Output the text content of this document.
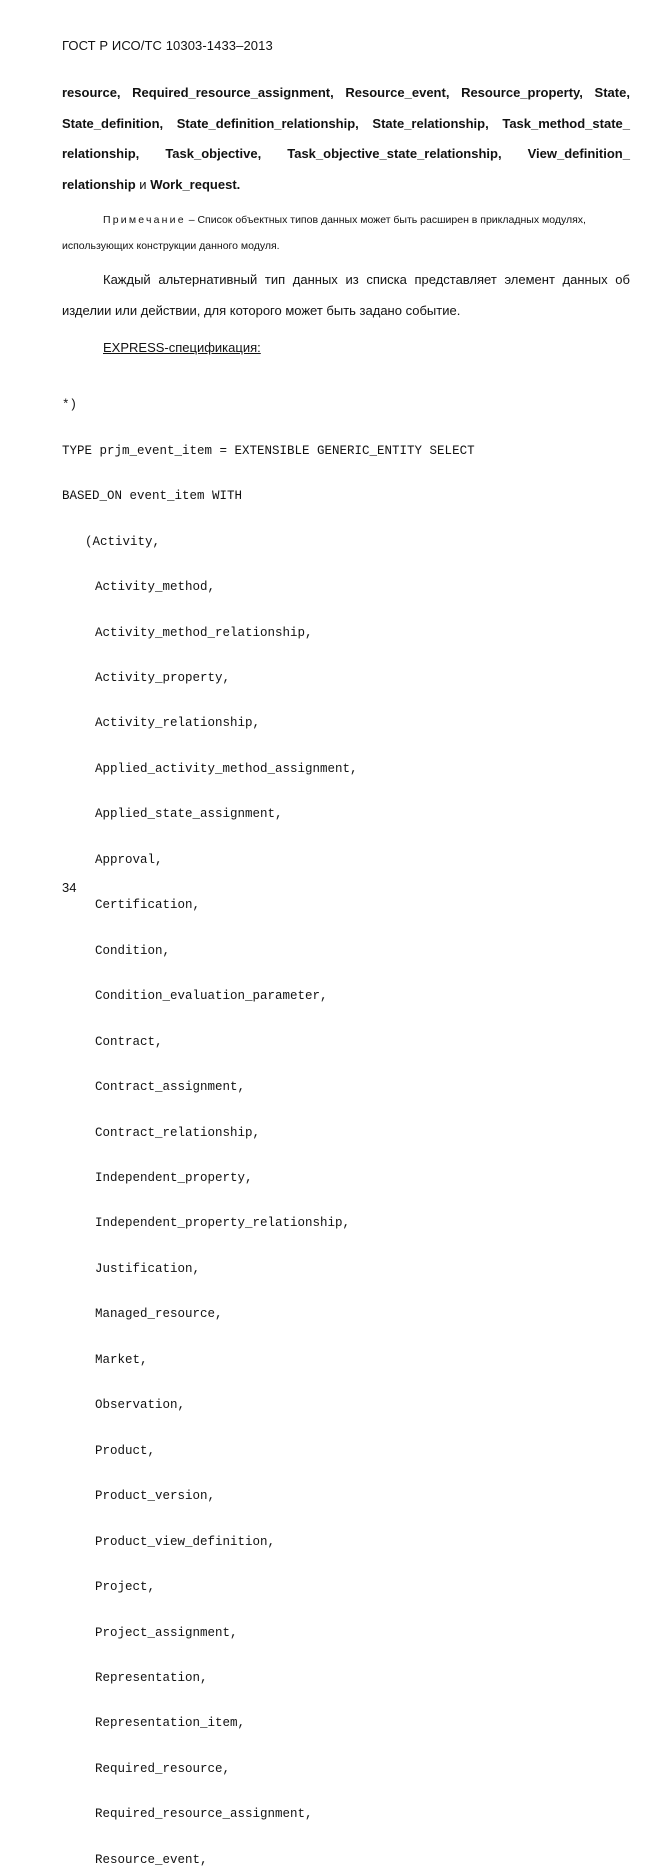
ГОСТ Р ИСО/ТС 10303-1433–2013
resource, Required_resource_assignment, Resource_event, Resource_property, State,
State_definition, State_definition_relationship, State_relationship, Task_method_state_
relationship, Task_objective, Task_objective_state_relationship, View_definition_
relationship и Work_request .
Примечание – Список объектных типов данных может быть расширен в прикладных модулях,
использующих конструкции данного модуля.
Каждый альтернативный тип данных из списка представляет элемент данных об
изделии или действии, для которого может быть задано событие.
EXPRESS-спецификация:

*)

TYPE prjm_event_item = EXTENSIBLE GENERIC_ENTITY SELECT

BASED_ON event_item WITH

(Activity,

Activity_method,

Activity_method_relationship,

Activity_property,

Activity_relationship,

Applied_activity_method_assignment,

Applied_state_assignment,

Approval,

Certification,

Condition,

Condition_evaluation_parameter,

Contract,

Contract_assignment,

Contract_relationship,

Independent_property,

Independent_property_relationship,

Justification,

Managed_resource,

Market,

Observation,

Product,

Product_version,

Product_view_definition,

Project,

Project_assignment,

Representation,

Representation_item,

Required_resource,

Required_resource_assignment,

Resource_event,

34
